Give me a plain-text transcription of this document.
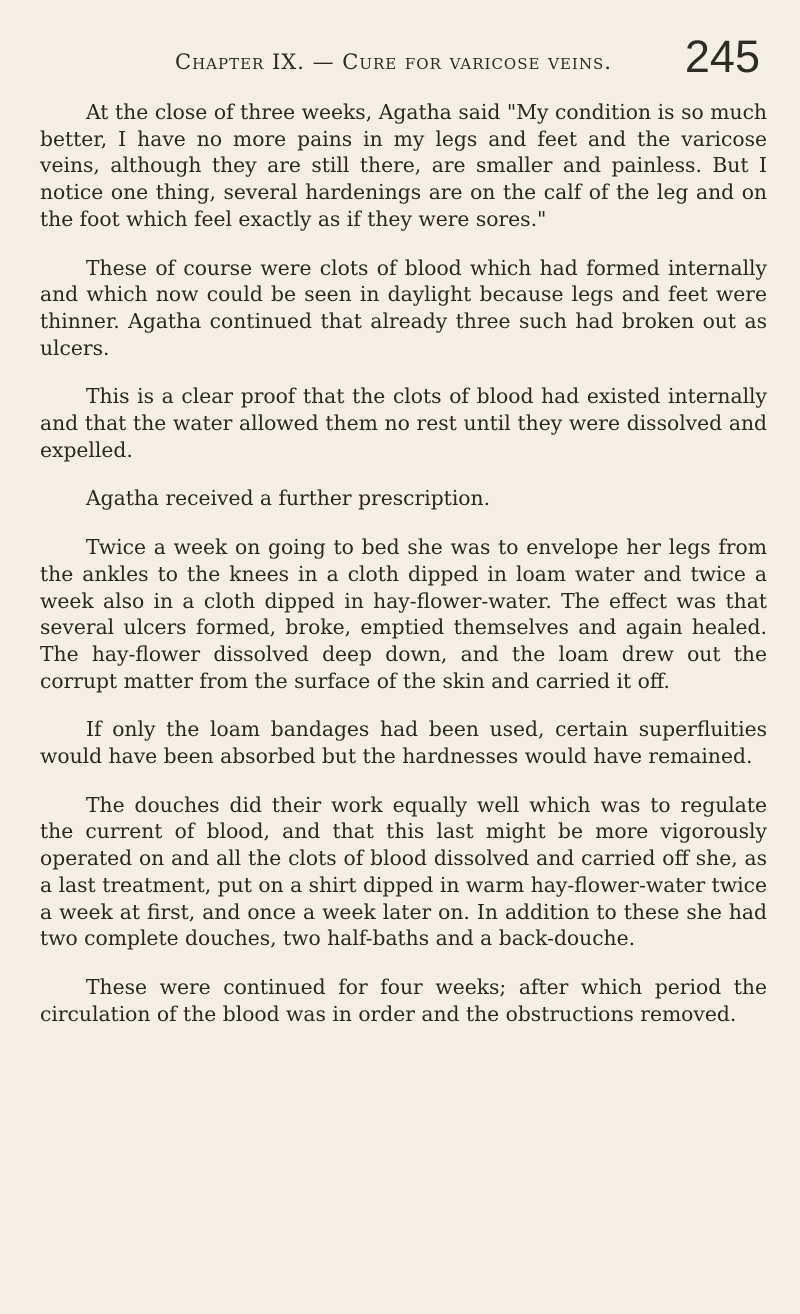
Chapter IX. — Cure for varicose veins. 245

At the close of three weeks, Agatha said "My condition is so much better, I have no more pains in my legs and feet and the varicose veins, although they are still there, are smaller and painless. But I notice one thing, several hardenings are on the calf of the leg and on the foot which feel exactly as if they were sores."

These of course were clots of blood which had formed internally and which now could be seen in daylight because legs and feet were thinner. Agatha continued that already three such had broken out as ulcers.

This is a clear proof that the clots of blood had existed internally and that the water allowed them no rest until they were dissolved and expelled.

Agatha received a further prescription.

Twice a week on going to bed she was to envelope her legs from the ankles to the knees in a cloth dipped in loam water and twice a week also in a cloth dipped in hay-flower-water. The effect was that several ulcers formed, broke, emptied themselves and again healed. The hay-flower dissolved deep down, and the loam drew out the corrupt matter from the surface of the skin and carried it off.

If only the loam bandages had been used, certain superfluities would have been absorbed but the hardnesses would have remained.

The douches did their work equally well which was to regulate the current of blood, and that this last might be more vigorously operated on and all the clots of blood dissolved and carried off she, as a last treatment, put on a shirt dipped in warm hay-flower-water twice a week at first, and once a week later on. In addition to these she had two complete douches, two half-baths and a back-douche.

These were continued for four weeks; after which period the circulation of the blood was in order and the obstructions removed.
